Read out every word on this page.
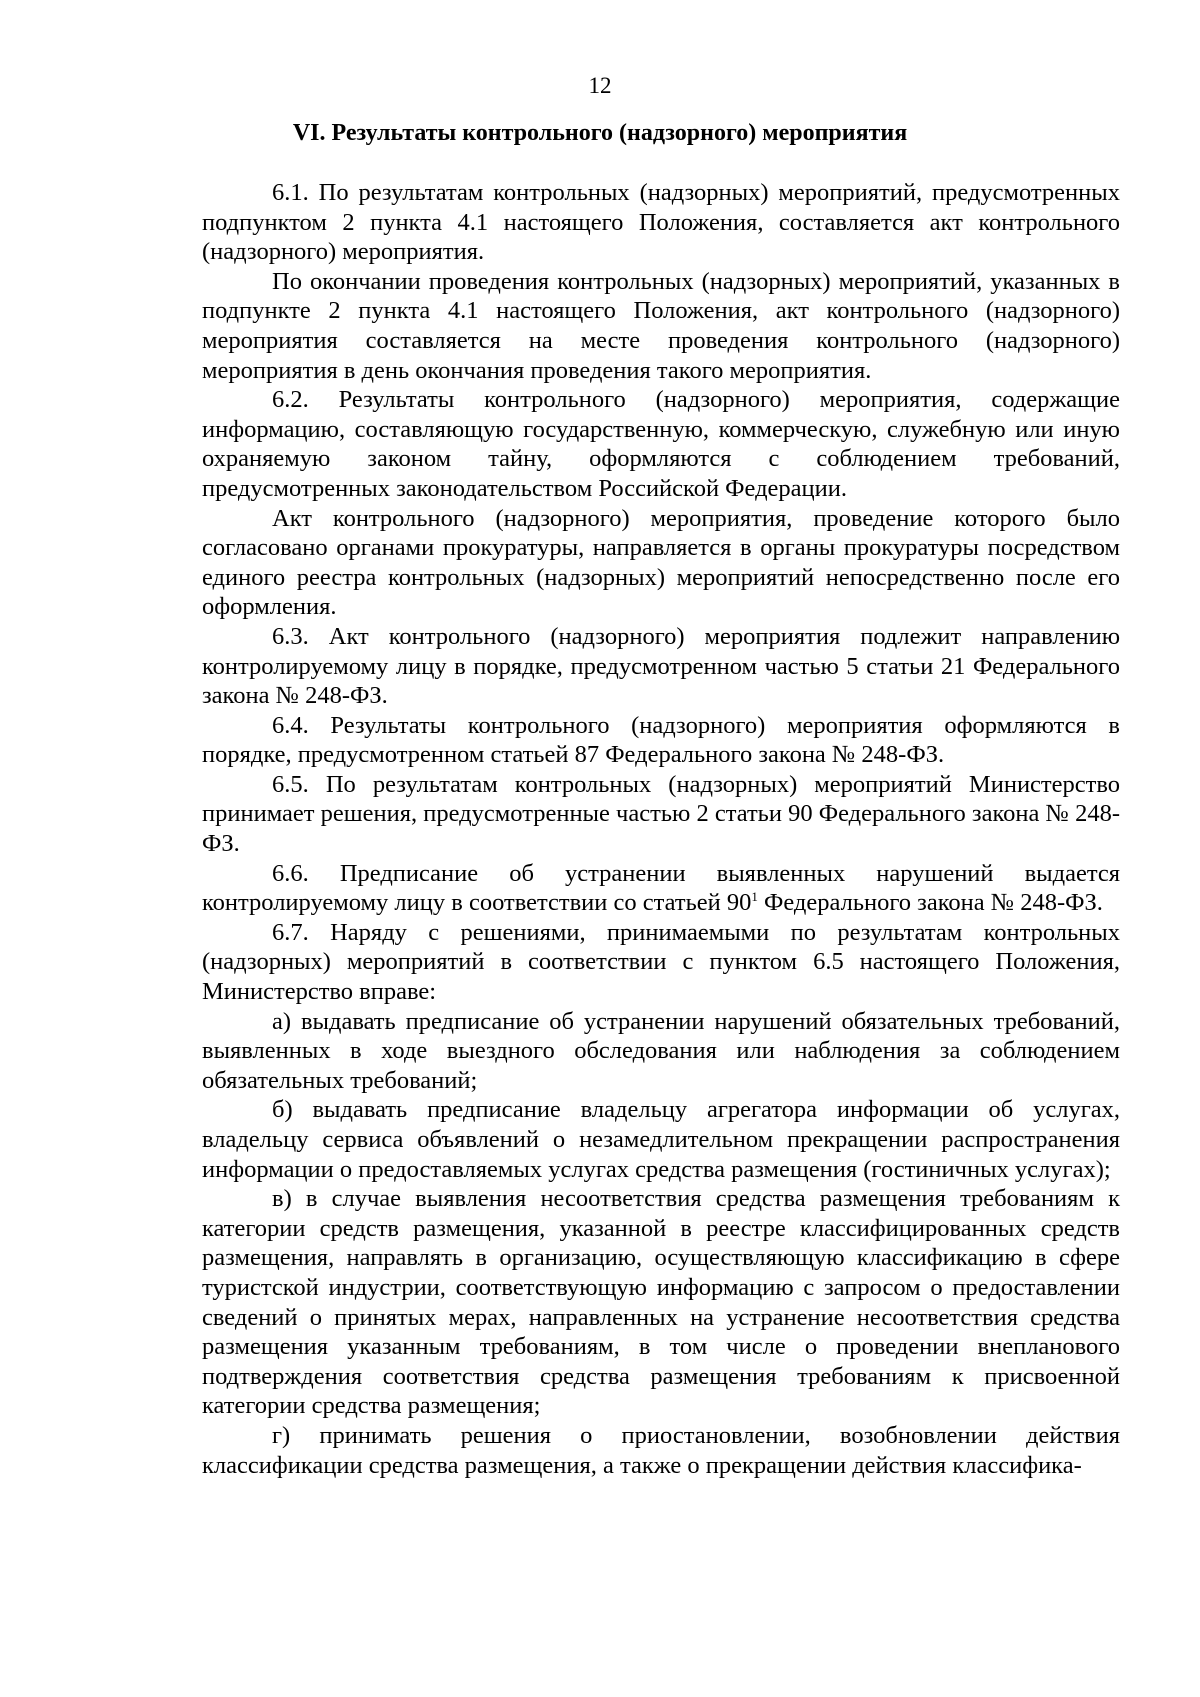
12
VI. Результаты контрольного (надзорного) мероприятия

6.1. По результатам контрольных (надзорных) мероприятий, предусмотренных подпунктом 2 пункта 4.1 настоящего Положения, составляется акт контрольного (надзорного) мероприятия.

По окончании проведения контрольных (надзорных) мероприятий, указанных в подпункте 2 пункта 4.1 настоящего Положения, акт контрольного (надзорного) мероприятия составляется на месте проведения контрольного (надзорного) мероприятия в день окончания проведения такого мероприятия.

6.2. Результаты контрольного (надзорного) мероприятия, содержащие информацию, составляющую государственную, коммерческую, служебную или иную охраняемую законом тайну, оформляются с соблюдением требований, предусмотренных законодательством Российской Федерации.

Акт контрольного (надзорного) мероприятия, проведение которого было согласовано органами прокуратуры, направляется в органы прокуратуры посредством единого реестра контрольных (надзорных) мероприятий непосредственно после его оформления.

6.3. Акт контрольного (надзорного) мероприятия подлежит направлению контролируемому лицу в порядке, предусмотренном частью 5 статьи 21 Федерального закона № 248-ФЗ.

6.4. Результаты контрольного (надзорного) мероприятия оформляются в порядке, предусмотренном статьей 87 Федерального закона № 248-ФЗ.

6.5. По результатам контрольных (надзорных) мероприятий Министерство принимает решения, предусмотренные частью 2 статьи 90 Федерального закона № 248-ФЗ.

6.6. Предписание об устранении выявленных нарушений выдается контролируемому лицу в соответствии со статьей $90^1$ Федерального закона № 248-ФЗ.

6.7. Наряду с решениями, принимаемыми по результатам контрольных (надзорных) мероприятий в соответствии с пунктом 6.5 настоящего Положения, Министерство вправе:

а) выдавать предписание об устранении нарушений обязательных требований, выявленных в ходе выездного обследования или наблюдения за соблюдением обязательных требований;

б) выдавать предписание владельцу агрегатора информации об услугах, владельцу сервиса объявлений о незамедлительном прекращении распространения информации о предоставляемых услугах средства размещения (гостиничных услугах);

в) в случае выявления несоответствия средства размещения требованиям к категории средств размещения, указанной в реестре классифицированных средств размещения, направлять в организацию, осуществляющую классификацию в сфере туристской индустрии, соответствующую информацию с запросом о предоставлении сведений о принятых мерах, направленных на устранение несоответствия средства размещения указанным требованиям, в том числе о проведении внепланового подтверждения соответствия средства размещения требованиям к присвоенной категории средства размещения;

г) принимать решения о приостановлении, возобновлении действия классификации средства размещения, а также о прекращении действия классифика-
